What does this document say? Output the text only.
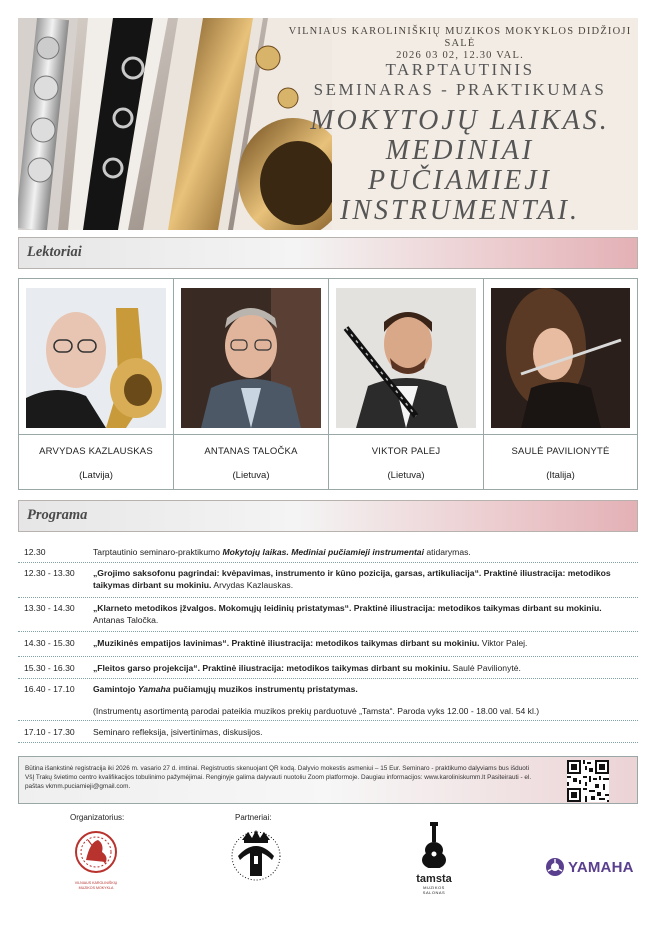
VILNIAUS KAROLINIŠKIŲ MUZIKOS MOKYKLOS DIDŽIOJI SALĖ
2026 03 02, 12.30 VAL.
TARPTAUTINIS
SEMINARAS - PRAKTIKUMAS
MOKYTOJŲ LAIKAS.
MEDINIAI
PUČIAMIEJI
INSTRUMENTAI.
Lektoriai
ARVYDAS KAZLAUSKAS
(Latvija)
ANTANAS TALOČKA
(Lietuva)
VIKTOR PALEJ
(Lietuva)
SAULĖ PAVILIONYTĖ
(Italija)
Programa
12.30	Tarptautinio seminaro-praktikumo Mokytojų laikas. Mediniai pučiamieji instrumentai atidarymas.
12.30 - 13.30 „Grojimo saksofonu pagrindai: kvėpavimas, instrumento ir kūno pozicija, garsas, artikuliacija“. Praktinė iliustracija: metodikos taikymas dirbant su mokiniu. Arvydas Kazlauskas.
13.30 - 14.30 „Klarneto metodikos įžvalgos. Mokomųjų leidinių pristatymas“. Praktinė iliustracija: metodikos taikymas dirbant su mokiniu. Antanas Taločka.
14.30 - 15.30 „Muzikinės empatijos lavinimas“. Praktinė iliustracija: metodikos taikymas dirbant su mokiniu. Viktor Palej.
15.30 - 16.30 „Fleitos garso projekcija“. Praktinė iliustracija: metodikos taikymas dirbant su mokiniu. Saulė Pavilionytė.
16.40 - 17.10 Gamintojo Yamaha pučiamųjų muzikos instrumentų pristatymas.
(Instrumentų asortimentą parodai pateikia muzikos prekių parduotuvė „Tamsta“. Paroda vyks 12.00 - 18.00 val. 54 kl.)
17.10 - 17.30 Seminaro refleksija, įsivertinimas, diskusijos.
Būtina išankstinė registracija iki 2026 m. vasario 27 d. imtinai. Registruotis skenuojant QR kodą. Dalyvio mokestis asmeniui – 15 Eur. Seminaro - praktikumo dalyviams bus išduoti VšĮ Trakų švietimo centro kvalifikacijos tobulinimo pažymėjimai. Renginyje galima dalyvauti nuotoliu Zoom platformoje. Daugiau informacijos: www.karoliniskumm.lt Pasiteirauti - el. paštas vkmm.puciamieji@gmail.com.
Organizatorius:	Partneriai:
VILNIAUS KAROLINIŠKIŲ
MUZIKOS MOKYKLA
tamsta
MUZIKOS SALONAS
YAMAHA
